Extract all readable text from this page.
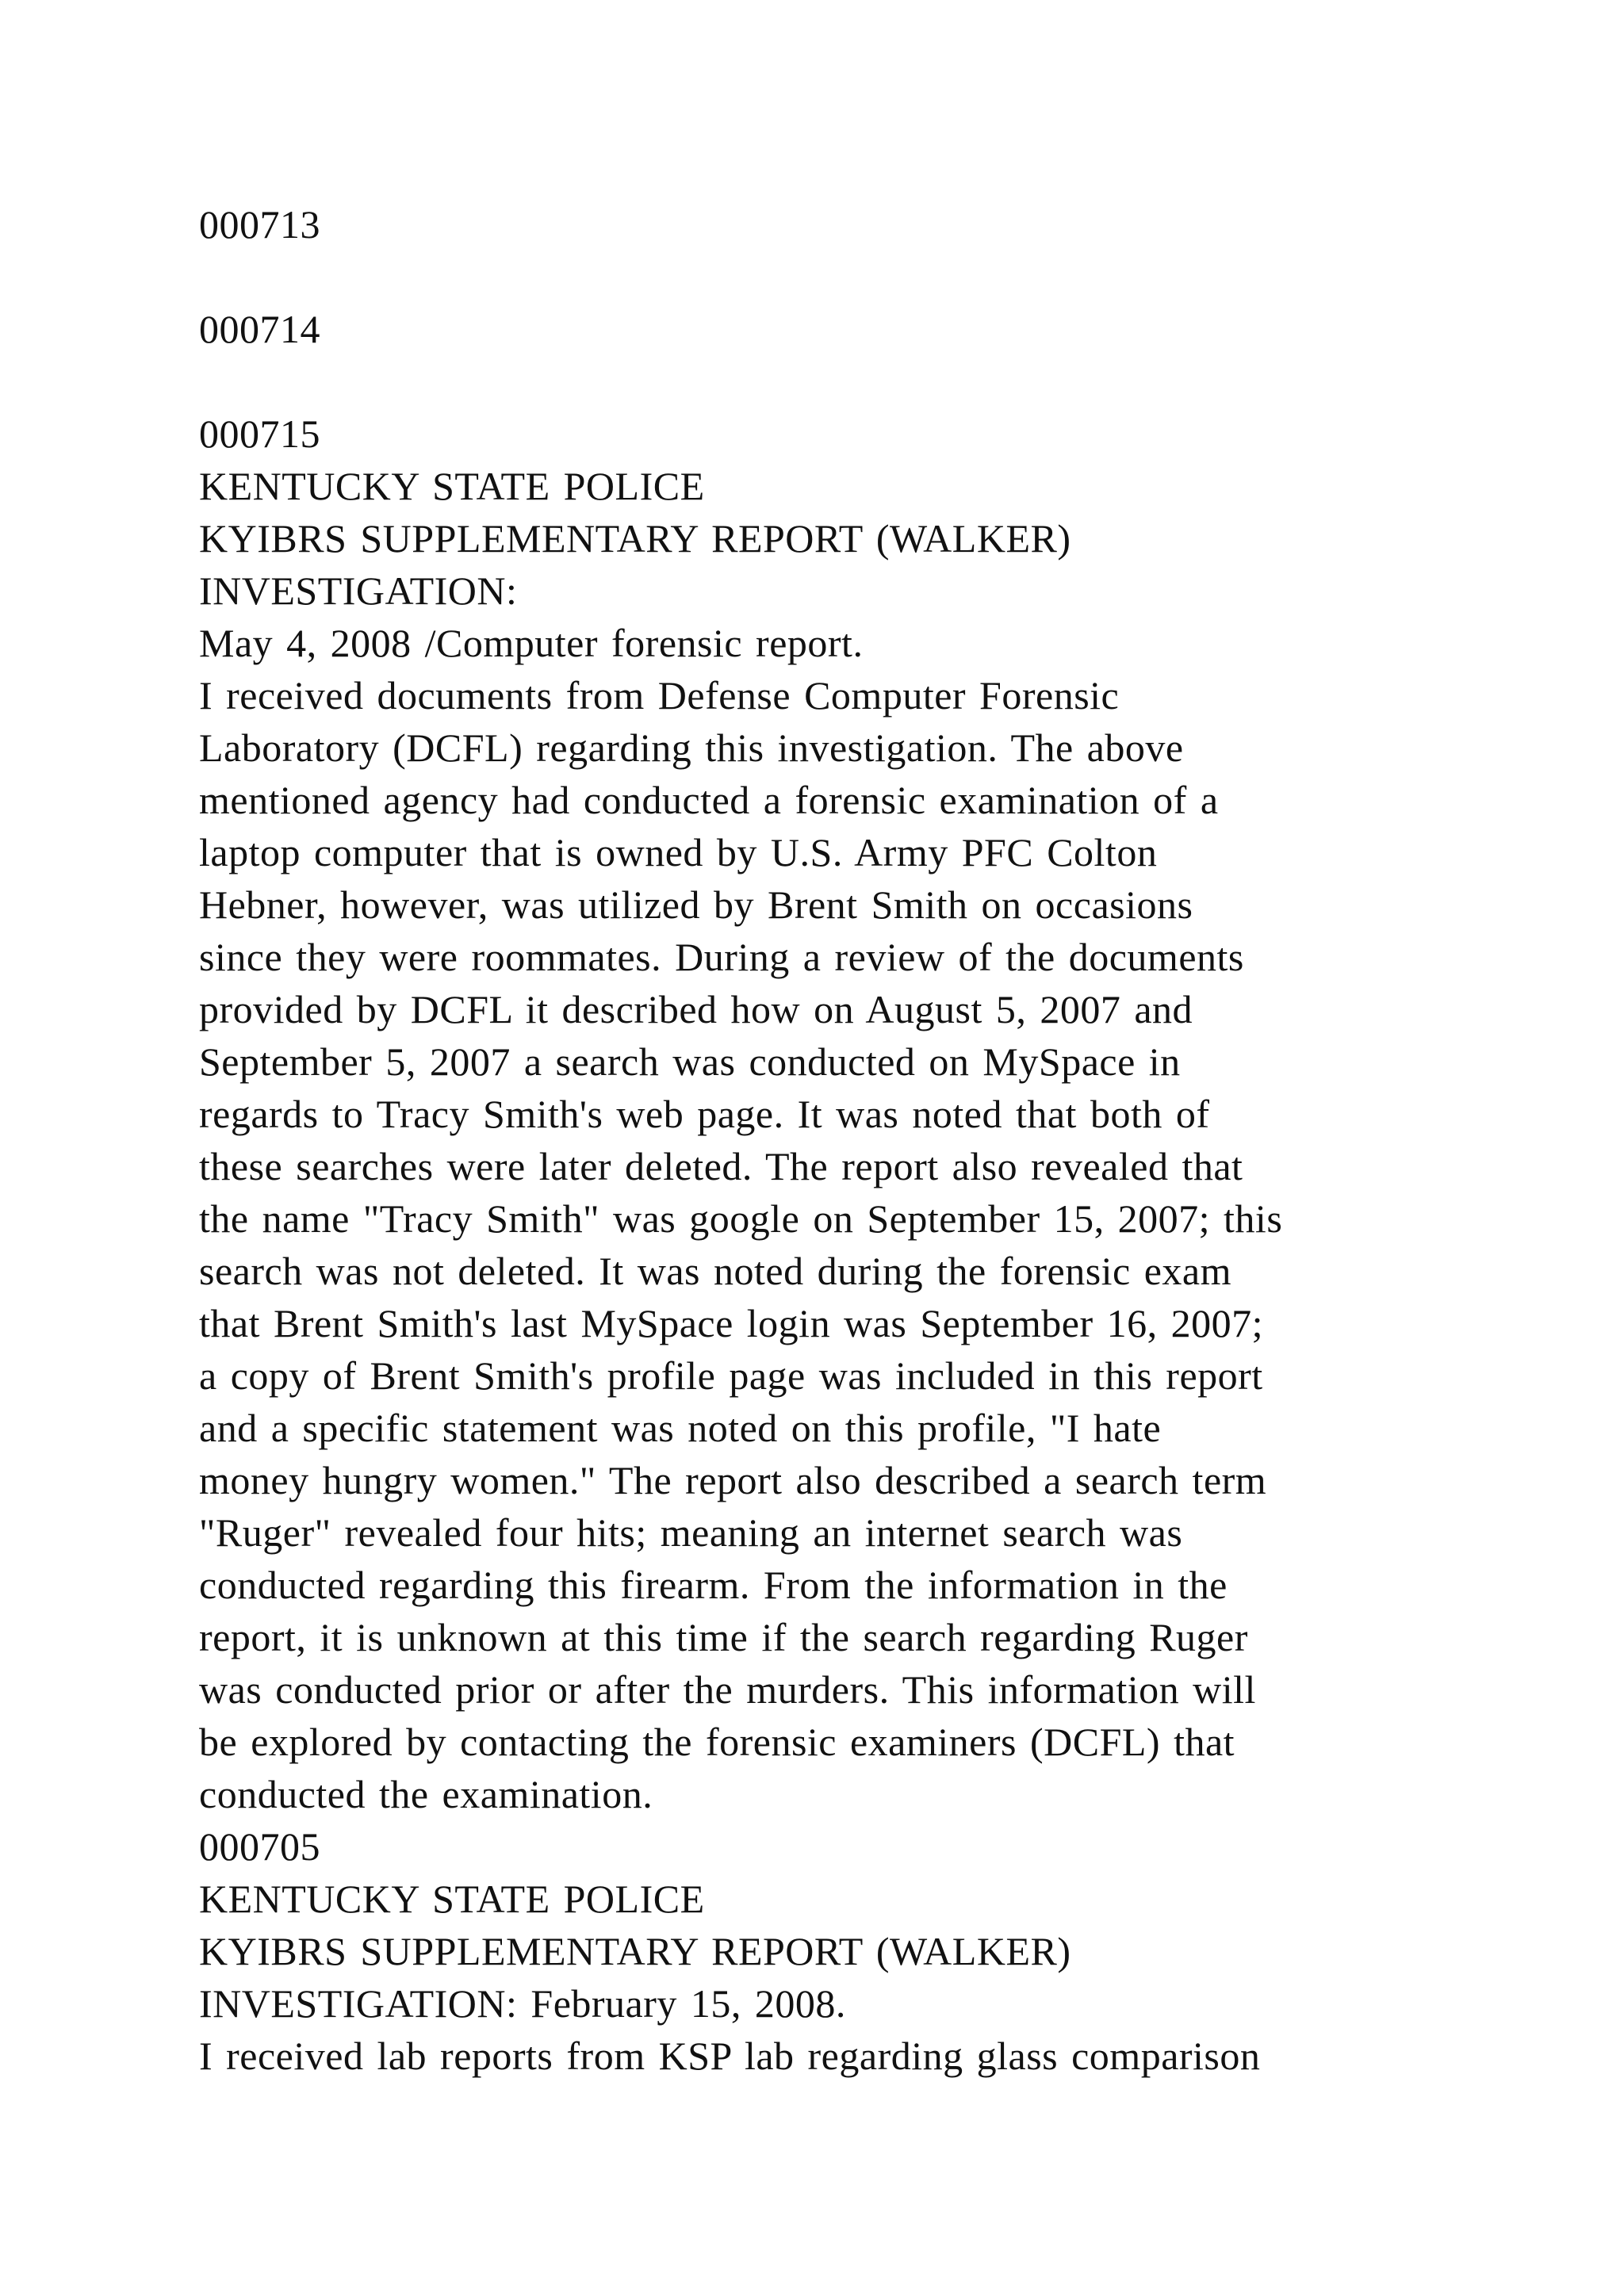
000713
000714
000715
KENTUCKY STATE POLICE
KYIBRS SUPPLEMENTARY REPORT (WALKER)
INVESTIGATION:
May 4, 2008 /Computer forensic report.
I received documents from Defense Computer Forensic
Laboratory (DCFL) regarding this investigation. The above
mentioned agency had conducted a forensic examination of a
laptop computer that is owned by U.S. Army PFC Colton
Hebner, however, was utilized by Brent Smith on occasions
since they were roommates. During a review of the documents
provided by DCFL it described how on August 5, 2007 and
September 5, 2007 a search was conducted on MySpace in
regards to Tracy Smith's web page. It was noted that both of
these searches were later deleted. The report also revealed that
the name "Tracy Smith" was google on September 15, 2007; this
search was not deleted. It was noted during the forensic exam
that Brent Smith's last MySpace login was September 16, 2007;
a copy of Brent Smith's profile page was included in this report
and a specific statement was noted on this profile, "I hate
money hungry women." The report also described a search term
"Ruger" revealed four hits; meaning an internet search was
conducted regarding this firearm. From the information in the
report, it is unknown at this time if the search regarding Ruger
was conducted prior or after the murders. This information will
be explored by contacting the forensic examiners (DCFL) that
conducted the examination.
000705
KENTUCKY STATE POLICE
KYIBRS SUPPLEMENTARY REPORT (WALKER)
INVESTIGATION: February 15, 2008.
I received lab reports from KSP lab regarding glass comparison
